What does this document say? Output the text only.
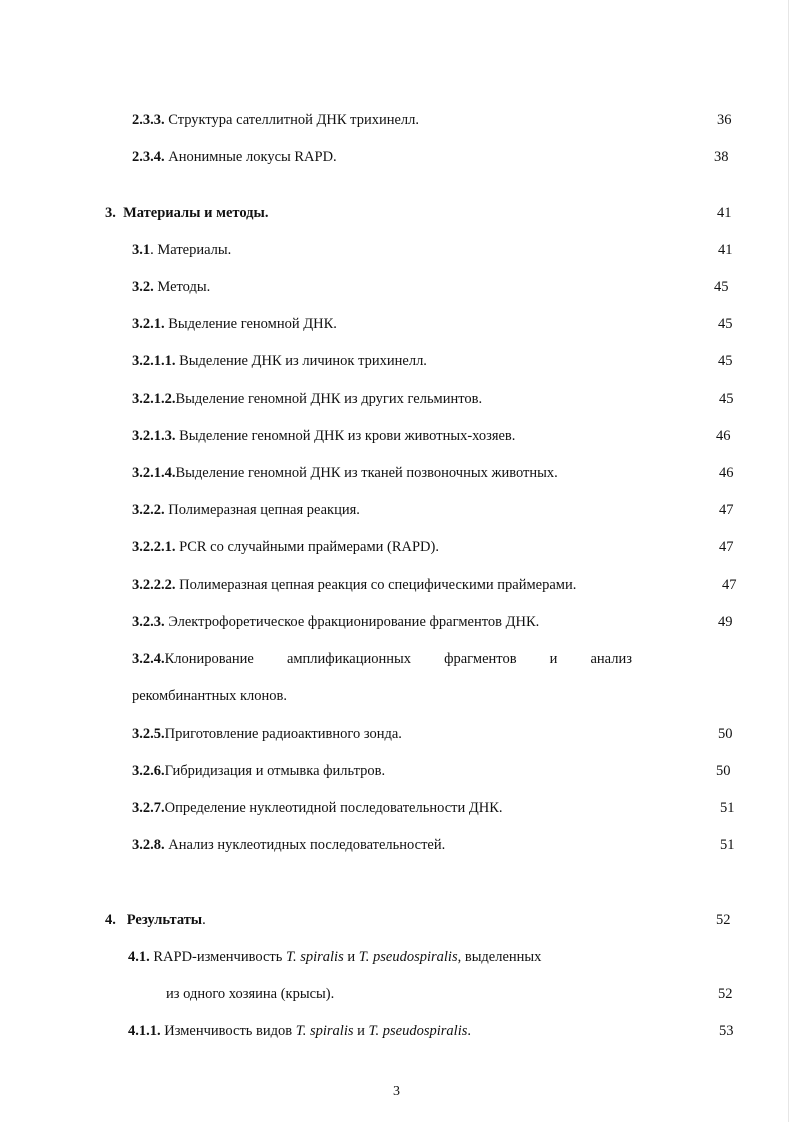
2.3.3. Структура сателлитной ДНК трихинелл.	36
2.3.4. Анонимные локусы RAPD.	38
3. Материалы и методы.	41
3.1. Материалы.	41
3.2. Методы.	45
3.2.1. Выделение геномной ДНК.	45
3.2.1.1. Выделение ДНК из личинок трихинелл.	45
3.2.1.2.Выделение геномной ДНК из других гельминтов.	45
3.2.1.3. Выделение геномной ДНК из крови животных-хозяев.	46
3.2.1.4.Выделение геномной ДНК из тканей позвоночных животных.	46
3.2.2. Полимеразная цепная реакция.	47
3.2.2.1. PCR со случайными праймерами (RAPD).	47
3.2.2.2. Полимеразная цепная реакция со специфическими праймерами.	47
3.2.3. Электрофоретическое фракционирование фрагментов ДНК.	49
3.2.4.Клонирование амплификационных фрагментов и анализ
рекомбинантных клонов.
3.2.5.Приготовление радиоактивного зонда.	50
3.2.6.Гибридизация и отмывка фильтров.	50
3.2.7.Определение нуклеотидной последовательности ДНК.	51
3.2.8. Анализ нуклеотидных последовательностей.	51
4. Результаты.	52
4.1. RAPD-изменчивость T. spiralis и T. pseudospiralis, выделенных
из одного хозяина (крысы).	52
4.1.1. Изменчивость видов T. spiralis и T. pseudospiralis.	53
3
